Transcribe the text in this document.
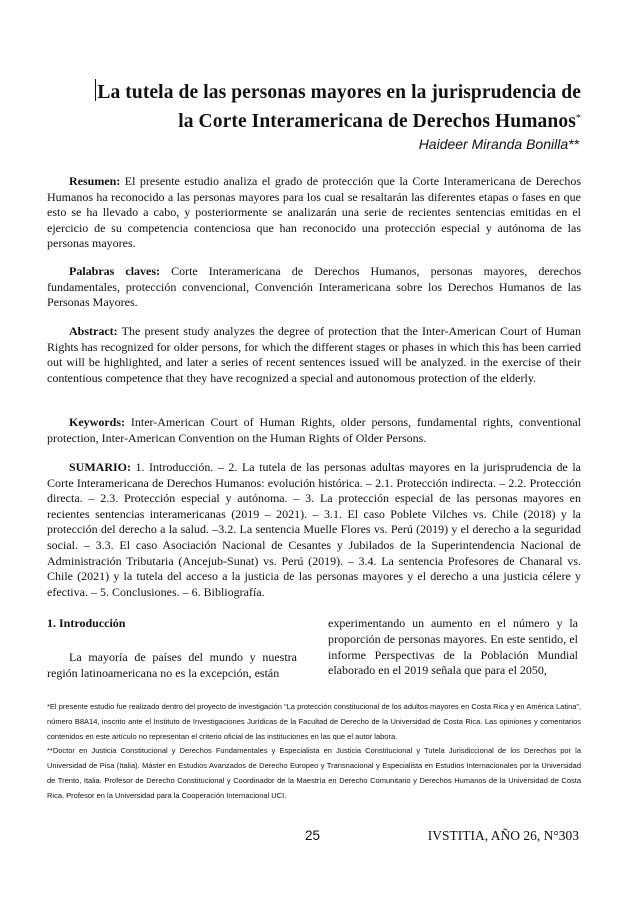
La tutela de las personas mayores en la jurisprudencia de

la Corte Interamericana de Derechos Humanos*

Haideer Miranda Bonilla**

Resumen: El presente estudio analiza el grado de protección que la Corte Interamericana de Derechos Humanos ha reconocido a las personas mayores para los cual se resaltarán las diferentes etapas o fases en que esto se ha llevado a cabo, y posteriormente se analizarán una serie de recientes sentencias emitidas en el ejercicio de su competencia contenciosa que han reconocido una protección especial y autónoma de las personas mayores.

Palabras claves: Corte Interamericana de Derechos Humanos, personas mayores, derechos fundamentales, protección convencional, Convención Interamericana sobre los Derechos Humanos de las Personas Mayores.

Abstract: The present study analyzes the degree of protection that the Inter-American Court of Human Rights has recognized for older persons, for which the different stages or phases in which this has been carried out will be highlighted, and later a series of recent sentences issued will be analyzed. in the exercise of their contentious competence that they have recognized a special and autonomous protection of the elderly.

Keywords: Inter-American Court of Human Rights, older persons, fundamental rights, conventional protection, Inter-American Convention on the Human Rights of Older Persons.

SUMARIO: 1. Introducción. – 2. La tutela de las personas adultas mayores en la jurisprudencia de la Corte Interamericana de Derechos Humanos: evolución histórica. – 2.1. Protección indirecta. – 2.2. Protección directa. – 2.3. Protección especial y autónoma. – 3. La protección especial de las personas mayores en recientes sentencias interamericanas (2019 – 2021). – 3.1. El caso Poblete Vilches vs. Chile (2018) y la protección del derecho a la salud. –3.2. La sentencia Muelle Flores vs. Perú (2019) y el derecho a la seguridad social. – 3.3. El caso Asociación Nacional de Cesantes y Jubilados de la Superintendencia Nacional de Administración Tributaria (Ancejub-Sunat) vs. Perú (2019). – 3.4. La sentencia Profesores de Chanaral vs. Chile (2021) y la tutela del acceso a la justicia de las personas mayores y el derecho a una justicia célere y efectiva. – 5. Conclusiones. – 6. Bibliografía.

1. Introducción

La mayoría de países del mundo y nuestra región latinoamericana no es la excepción, están

experimentando un aumento en el número y la proporción de personas mayores. En este sentido, el informe Perspectivas de la Población Mundial elaborado en el 2019 señala que para el 2050,

*El presente estudio fue realizado dentro del proyecto de investigación “La protección constitucional de los adultos mayores en Costa Rica y en América Latina”, número B8A14, inscrito ante el Instituto de Investigaciones Jurídicas de la Facultad de Derecho de la Universidad de Costa Rica. Las opiniones y comentarios contenidos en este artículo no representan el criterio oficial de las instituciones en las que el autor labora.

**Doctor en Justicia Constitucional y Derechos Fundamentales y Especialista en Justicia Constitucional y Tutela Jurisdiccional de los Derechos por la Universidad de Pisa (Italia). Máster en Estudios Avanzados de Derecho Europeo y Transnacional y Especialista en Estudios Internacionales por la Universidad de Trento, Italia. Profesor de Derecho Constitucional y Coordinador de la Maestría en Derecho Comunitario y Derechos Humanos de la Universidad de Costa Rica. Profesor en la Universidad para la Cooperación Internacional UCI.

25	IVSTITIA, AÑO 26, N°303
